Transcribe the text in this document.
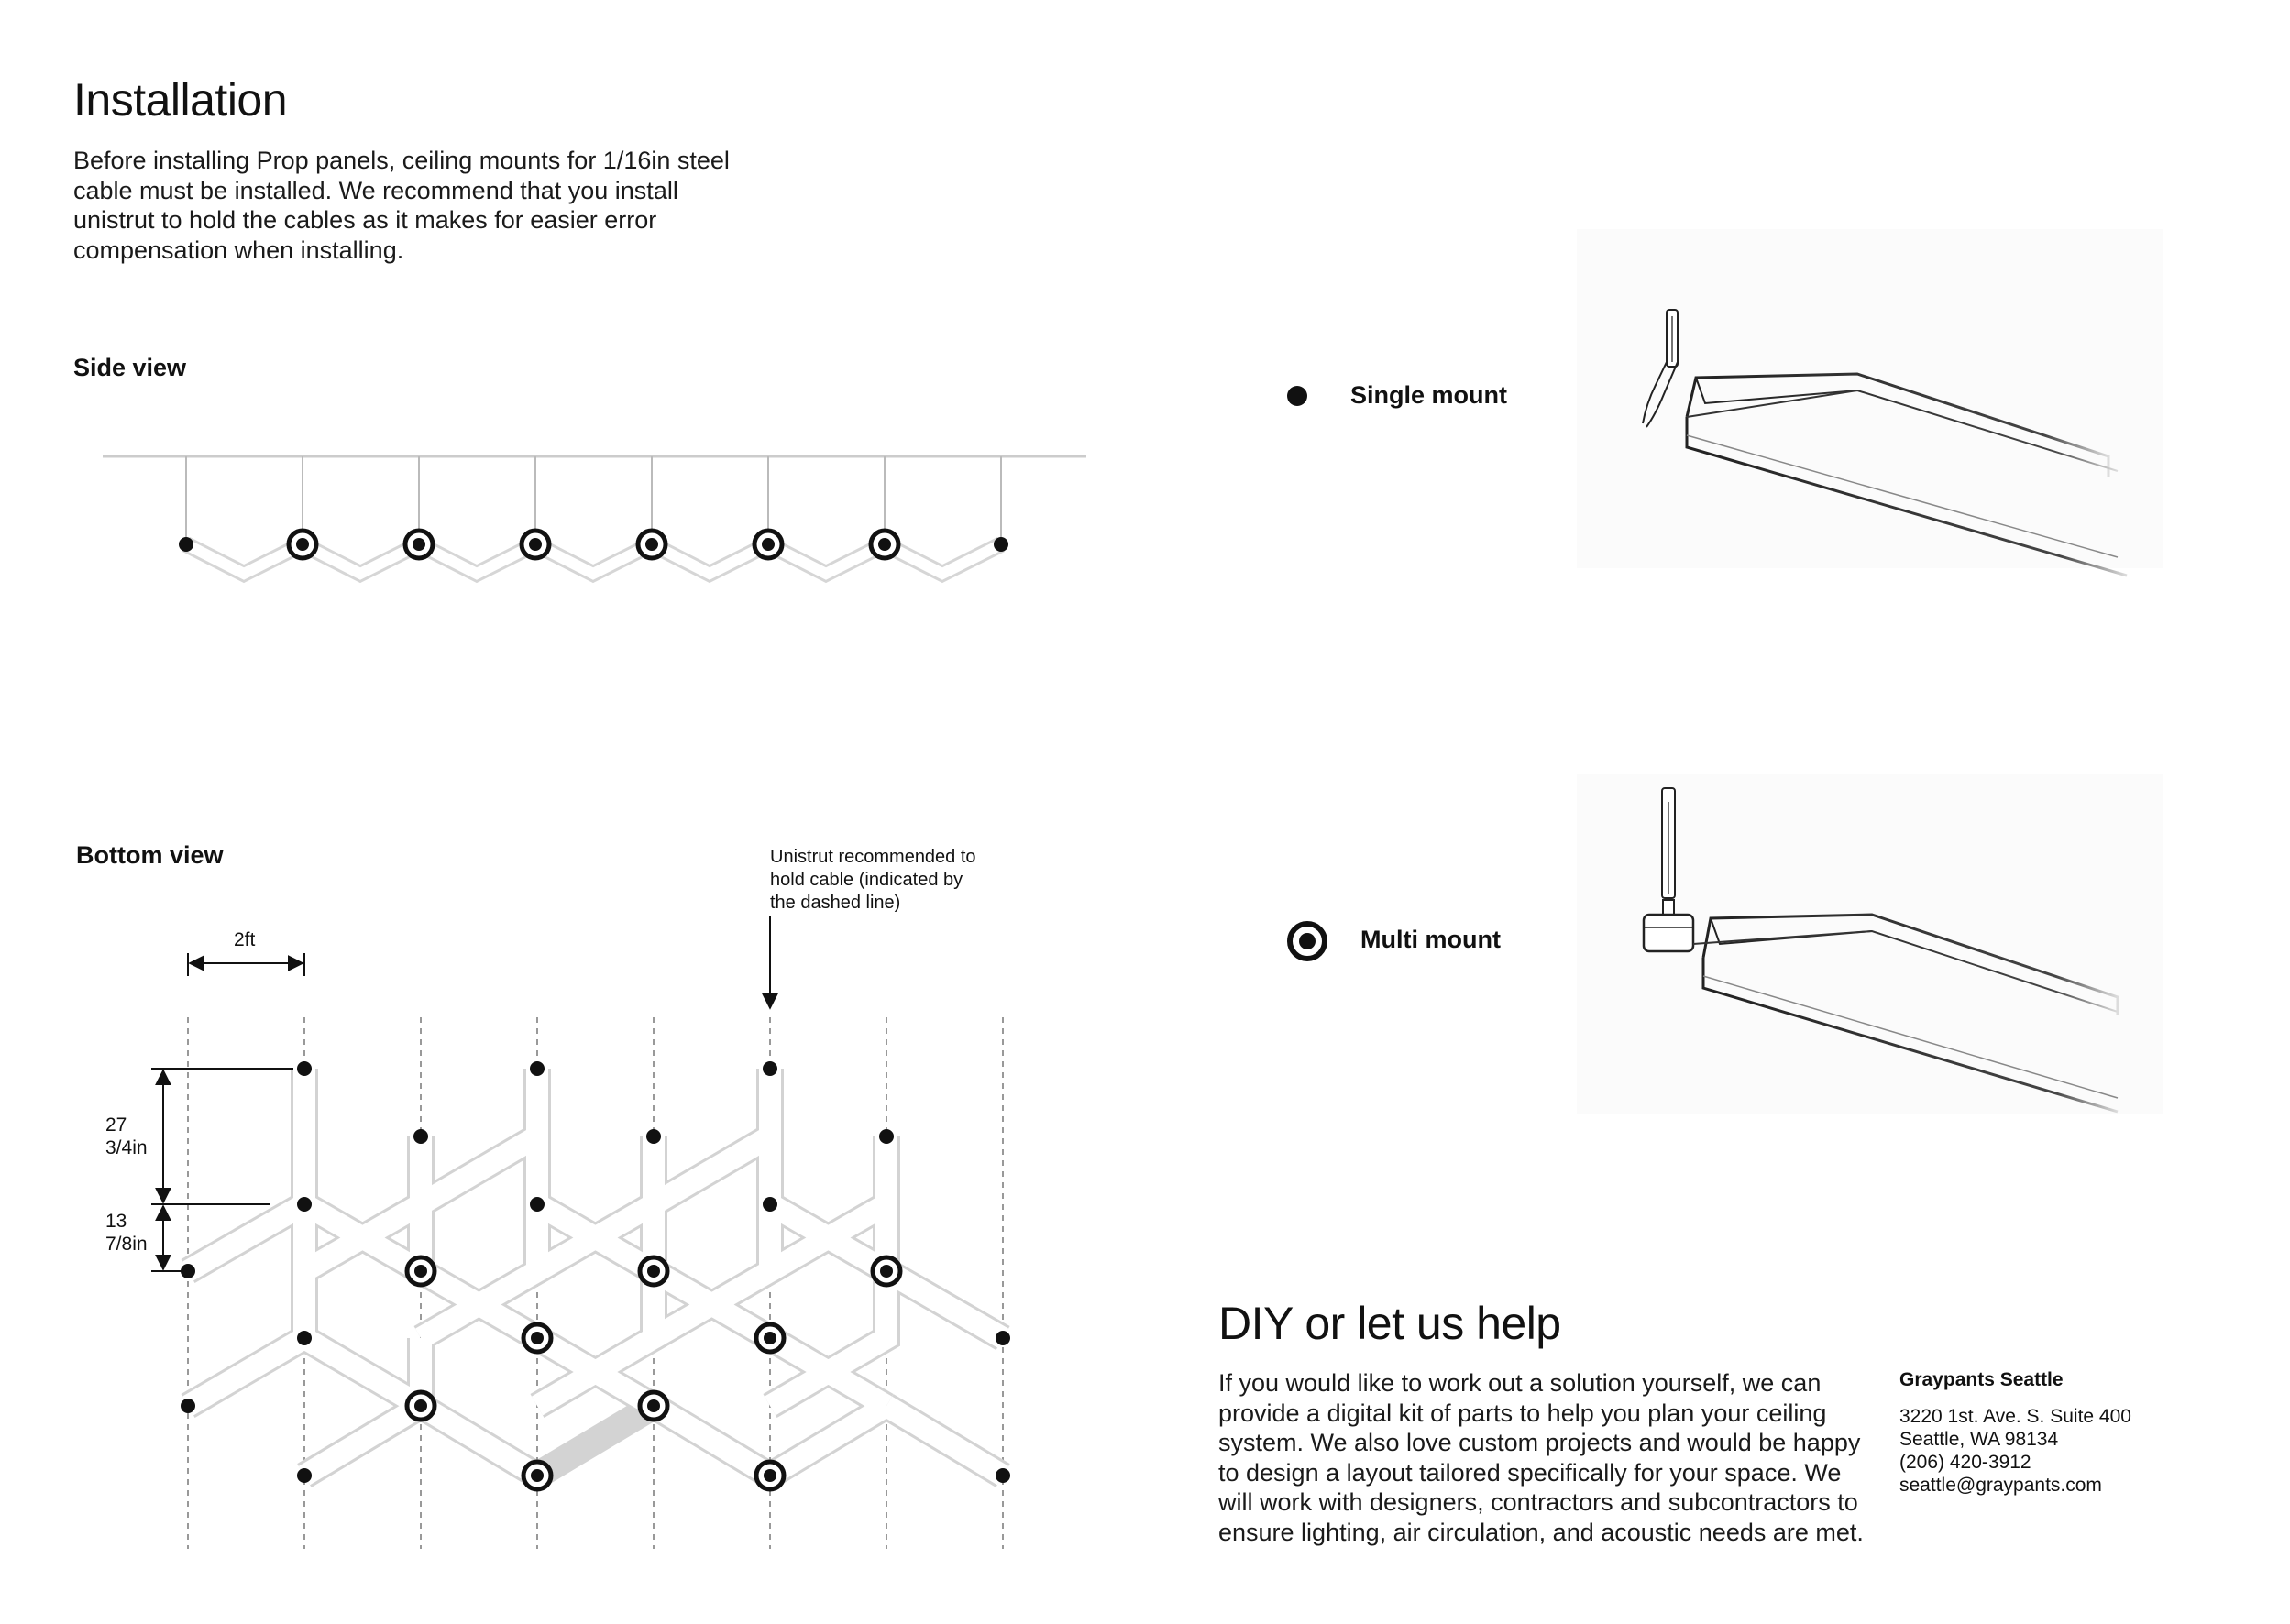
Installation
Before installing Prop panels, ceiling mounts for 1/16in steel cable must be installed. We recommend that you install unistrut to hold the cables as it makes for easier error compensation when installing.
Side view
Bottom view
2ft
27 3/4in
13 7/8in
Unistrut recommended to hold cable (indicated by the dashed line)
Single mount
Multi mount
DIY or let us help
If you would like to work out a solution yourself, we can provide a digital kit of parts to help you plan your ceiling system. We also love custom projects and would be happy to design a layout tailored specifically for your space. We will work with designers, contractors and subcontractors to ensure lighting, air circulation, and acoustic needs are met.
Graypants Seattle
3220 1st. Ave. S. Suite 400
Seattle, WA 98134
(206) 420-3912
seattle@graypants.com
